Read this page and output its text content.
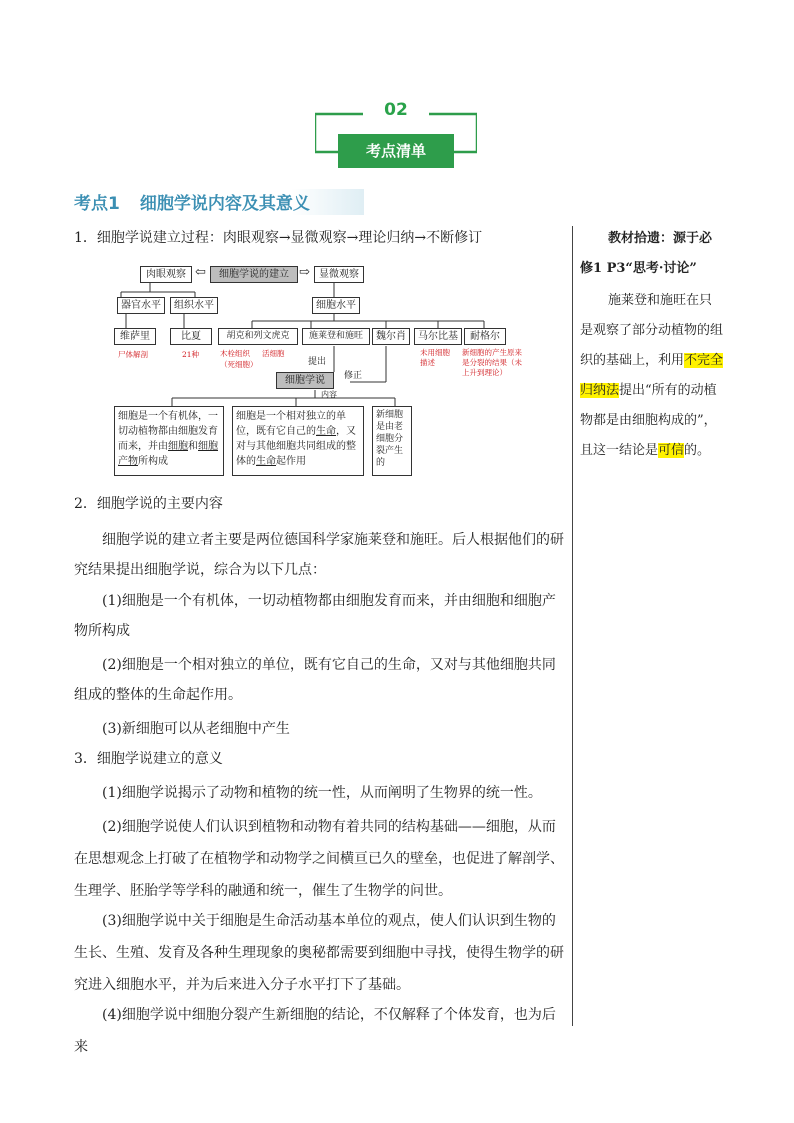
02
考点清单
考点1 细胞学说内容及其意义
1．细胞学说建立过程：肉眼观察→显微观察→理论归纳→不断修订
肉眼观察 ⇦	细胞学说的建立 ⇨ 显微观察
器官水平	组织水平	细胞水平
维萨里
尸体解剖
比夏
21种
胡克和列文虎克
木栓组织
（死细胞）
活细胞
施莱登和施旺	魏尔肖	马尔比基
未用细胞描述
耐格尔
新细胞的产生原来是分裂的结果（未上升到理论）
提出
修正
细胞学说
内容
细胞是一个有机体，一切动植物都由细胞发育而来，并由细胞和细胞产物所构成
细胞是一个相对独立的单位，既有它自己的生命，又对与其他细胞共同组成的整体的生命起作用
新细胞是由老细胞分裂产生的
2．细胞学说的主要内容
细胞学说的建立者主要是两位德国科学家施莱登和施旺。后人根据他们的研究结果提出细胞学说，综合为以下几点：
(1)细胞是一个有机体，一切动植物都由细胞发育而来，并由细胞和细胞产物所构成
(2)细胞是一个相对独立的单位，既有它自己的生命，又对与其他细胞共同组成的整体的生命起作用。
(3)新细胞可以从老细胞中产生
3．细胞学说建立的意义
(1)细胞学说揭示了动物和植物的统一性，从而阐明了生物界的统一性。
(2)细胞学说使人们认识到植物和动物有着共同的结构基础——细胞，从而在思想观念上打破了在植物学和动物学之间横亘已久的壁垒，也促进了解剖学、生理学、胚胎学等学科的融通和统一，催生了生物学的问世。
(3)细胞学说中关于细胞是生命活动基本单位的观点，使人们认识到生物的生长、生殖、发育及各种生理现象的奥秘都需要到细胞中寻找，使得生物学的研究进入细胞水平，并为后来进入分子水平打下了基础。
(4)细胞学说中细胞分裂产生新细胞的结论，不仅解释了个体发育，也为后来
教材拾遗：源于必修1 P3“思考·讨论”
施莱登和施旺在只是观察了部分动植物的组织的基础上，利用不完全归纳法提出“所有的动植物都是由细胞构成的”，且这一结论是可信的。
